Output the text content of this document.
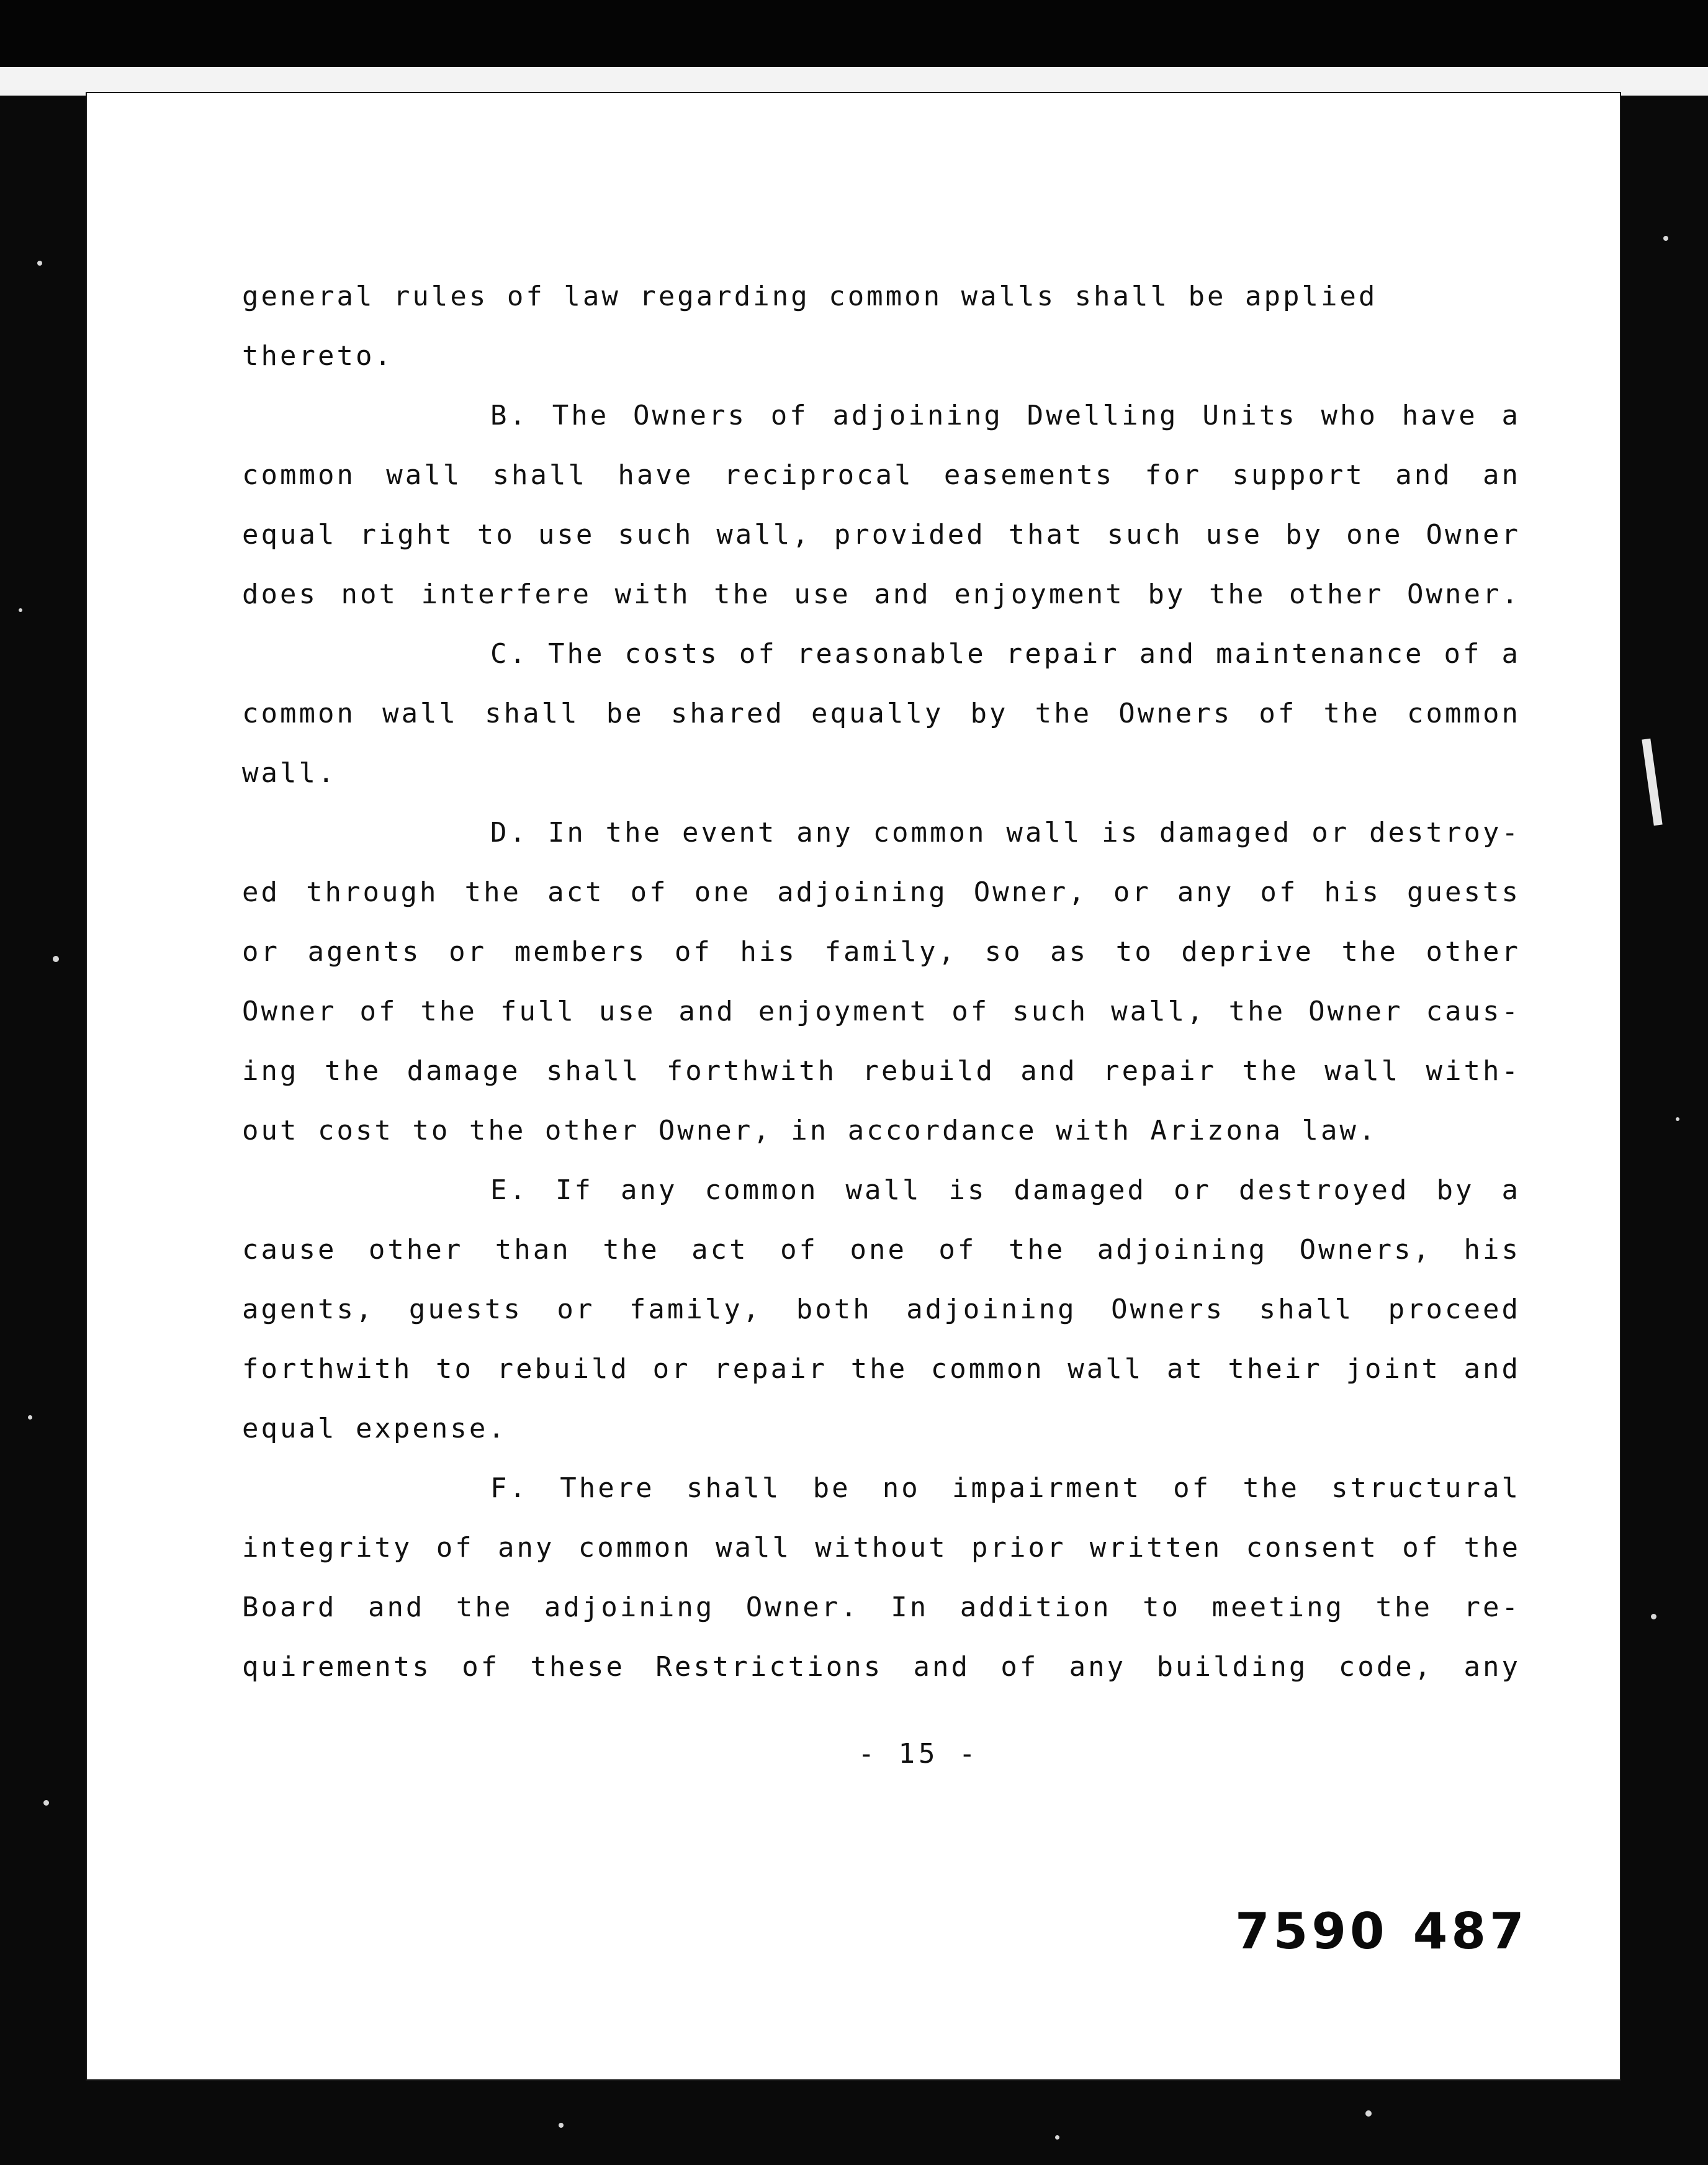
general rules of law regarding common walls shall be applied
thereto.
B. The Owners of adjoining Dwelling Units who have a
common wall shall have reciprocal easements for support and an
equal right to use such wall, provided that such use by one Owner
does not interfere with the use and enjoyment by the other Owner.
C. The costs of reasonable repair and maintenance of a
common wall shall be shared equally by the Owners of the common
wall.
D. In the event any common wall is damaged or destroy-
ed through the act of one adjoining Owner, or any of his guests
or agents or members of his family, so as to deprive the other
Owner of the full use and enjoyment of such wall, the Owner caus-
ing the damage shall forthwith rebuild and repair the wall with-
out cost to the other Owner, in accordance with Arizona law.
E. If any common wall is damaged or destroyed by a
cause other than the act of one of the adjoining Owners, his
agents, guests or family, both adjoining Owners shall proceed
forthwith to rebuild or repair the common wall at their joint and
equal expense.
F. There shall be no impairment of the structural
integrity of any common wall without prior written consent of the
Board and the adjoining Owner. In addition to meeting the re-
quirements of these Restrictions and of any building code, any
- 15 -
7590 487
